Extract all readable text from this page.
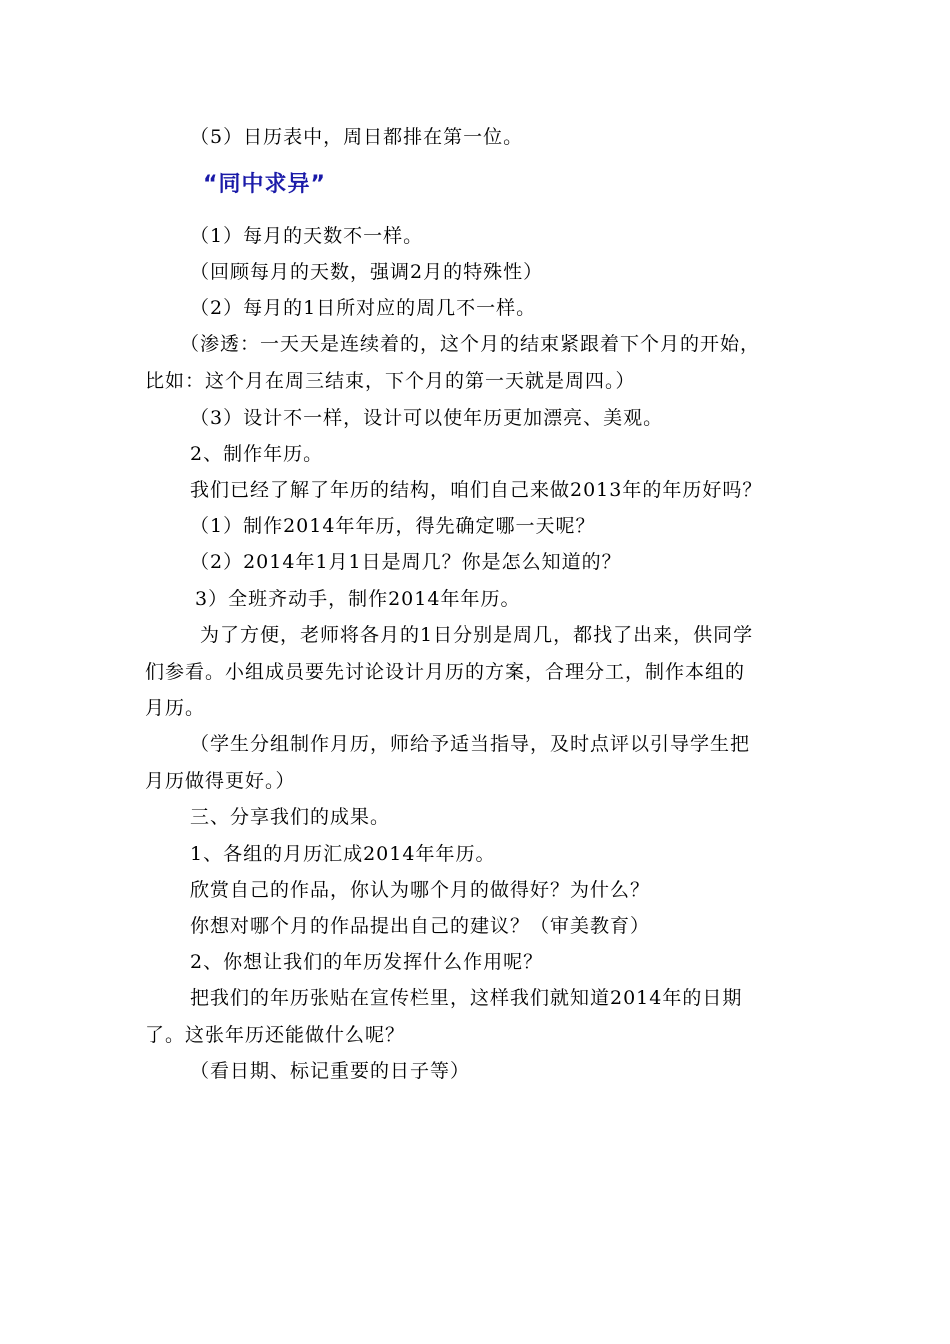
（5）日历表中，周日都排在第一位。
“同中求异”
（1）每月的天数不一样。
（回顾每月的天数，强调2月的特殊性）
（2）每月的1日所对应的周几不一样。
（渗透：一天天是连续着的，这个月的结束紧跟着下个月的开始，
比如：这个月在周三结束，下个月的第一天就是周四。）
（3）设计不一样，设计可以使年历更加漂亮、美观。
2、制作年历。
我们已经了解了年历的结构，咱们自己来做2013年的年历好吗？
（1）制作2014年年历，得先确定哪一天呢？
（2）2014年1月1日是周几？你是怎么知道的？
3）全班齐动手，制作2014年年历。
为了方便，老师将各月的1日分别是周几，都找了出来，供同学
们参看。小组成员要先讨论设计月历的方案，合理分工，制作本组的
月历。
（学生分组制作月历，师给予适当指导，及时点评以引导学生把
月历做得更好。）
三、分享我们的成果。
1、各组的月历汇成2014年年历。
欣赏自己的作品，你认为哪个月的做得好？为什么？
你想对哪个月的作品提出自己的建议？（审美教育）
2、你想让我们的年历发挥什么作用呢？
把我们的年历张贴在宣传栏里，这样我们就知道2014年的日期
了。这张年历还能做什么呢？
（看日期、标记重要的日子等）
